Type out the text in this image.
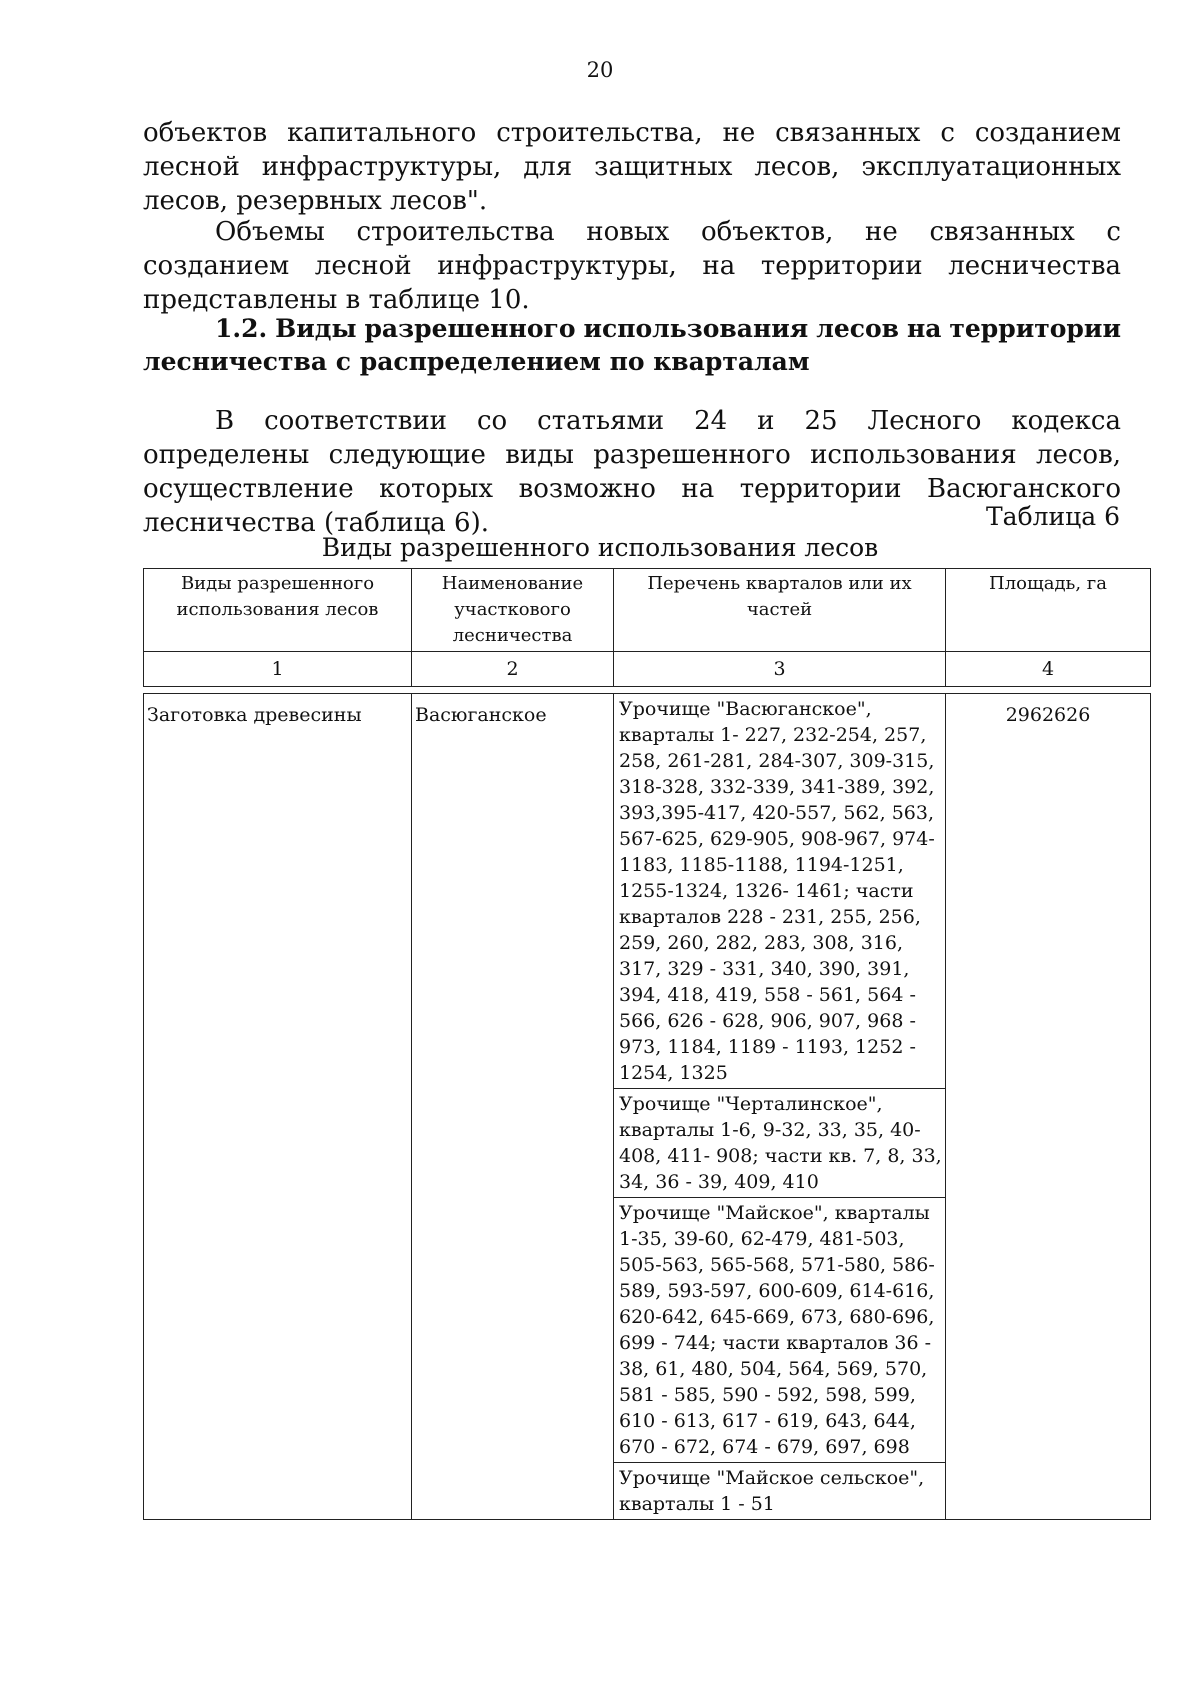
20

объектов капитального строительства, не связанных с созданием лесной инфраструктуры, для защитных лесов, эксплуатационных лесов, резервных лесов".

Объемы строительства новых объектов, не связанных с созданием лесной инфраструктуры, на территории лесничества представлены в таблице 10.

1.2. Виды разрешенного использования лесов на территории
лесничества с распределением по кварталам

В соответствии со статьями 24 и 25 Лесного кодекса определены следующие виды разрешенного использования лесов, осуществление которых возможно на территории Васюганского лесничества (таблица 6).	Таблица 6
Виды разрешенного использования лесов
Виды разрешенного использования лесов	Наименование участкового лесничества	Перечень кварталов или их частей	Площадь, га
1	2	3	4

Заготовка древесины	Васюганское	Урочище "Васюганское", кварталы 1- 227, 232-254, 257, 258, 261-281, 284-307, 309-315, 318-328, 332-339, 341-389, 392, 393,395-417, 420-557, 562, 563, 567-625, 629-905, 908-967, 974-1183, 1185-1188, 1194-1251, 1255-1324, 1326- 1461; части кварталов 228 - 231, 255, 256, 259, 260, 282, 283, 308, 316, 317, 329 - 331, 340, 390, 391, 394, 418, 419, 558 - 561, 564 - 566, 626 - 628, 906, 907, 968 - 973, 1184, 1189 - 1193, 1252 - 1254, 1325	2962626
		Урочище "Черталинское", кварталы 1-6, 9-32, 33, 35, 40-408, 411- 908; части кв. 7, 8, 33, 34, 36 - 39, 409, 410	
		Урочище "Майское", кварталы 1-35, 39-60, 62-479, 481-503, 505-563, 565-568, 571-580, 586-589, 593-597, 600-609, 614-616, 620-642, 645-669, 673, 680-696, 699 - 744; части кварталов 36 - 38, 61, 480, 504, 564, 569, 570, 581 - 585, 590 - 592, 598, 599, 610 - 613, 617 - 619, 643, 644, 670 - 672, 674 - 679, 697, 698	
		Урочище "Майское сельское", кварталы 1 - 51	
